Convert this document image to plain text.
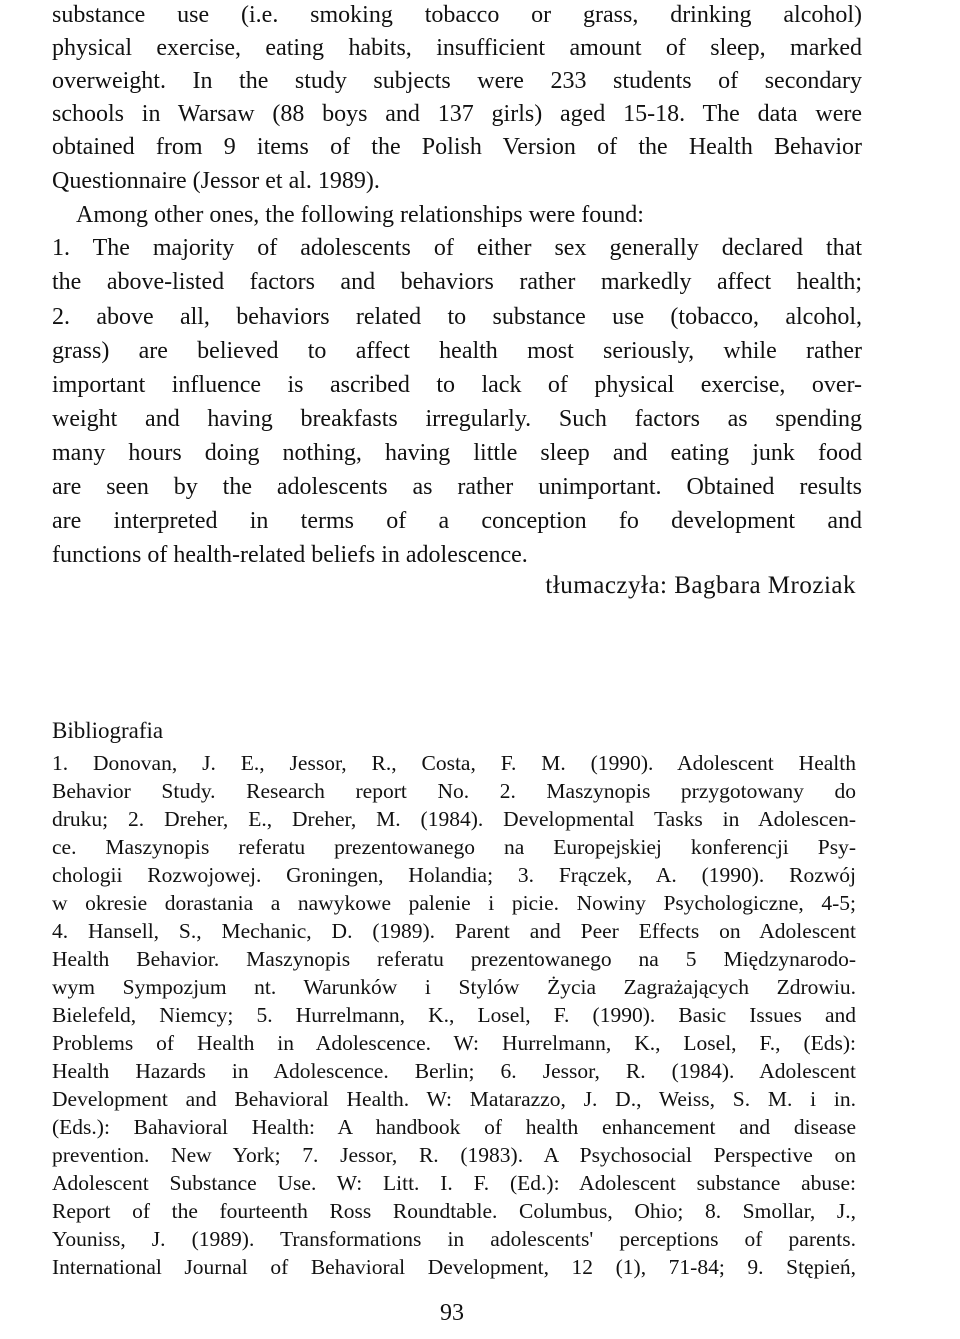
substance use (i.e. smoking tobacco or grass, drinking alcohol)
physical exercise, eating habits, insufficient amount of sleep, marked
overweight. In the study subjects were 233 students of secondary
schools in Warsaw (88 boys and 137 girls) aged 15-18. The data were
obtained from 9 items of the Polish Version of the Health Behavior
Questionnaire (Jessor et al. 1989).
Among other ones, the following relationships were found:
1. The majority of adolescents of either sex generally declared that
the above-listed factors and behaviors rather markedly affect health;
2. above all, behaviors related to substance use (tobacco, alcohol,
grass) are believed to affect health most seriously, while rather
important influence is ascribed to lack of physical exercise, over-
weight and having breakfasts irregularly. Such factors as spending
many hours doing nothing, having little sleep and eating junk food
are seen by the adolescents as rather unimportant. Obtained results
are interpreted in terms of a conception fo development and
functions of health-related beliefs in adolescence.
tłumaczyła: Bagbara Mroziak
Bibliografia
1. Donovan, J. E., Jessor, R., Costa, F. M. (1990). Adolescent Health
Behavior Study. Research report No. 2. Maszynopis przygotowany do
druku; 2. Dreher, E., Dreher, M. (1984). Developmental Tasks in Adolescen-
ce. Maszynopis referatu prezentowanego na Europejskiej konferencji Psy-
chologii Rozwojowej. Groningen, Holandia; 3. Frączek, A. (1990). Rozwój
w okresie dorastania a nawykowe palenie i picie. Nowiny Psychologiczne, 4-5;
4. Hansell, S., Mechanic, D. (1989). Parent and Peer Effects on Adolescent
Health Behavior. Maszynopis referatu prezentowanego na 5 Międzynarodo-
wym Sympozjum nt. Warunków i Stylów Życia Zagrażających Zdrowiu.
Bielefeld, Niemcy; 5. Hurrelmann, K., Losel, F. (1990). Basic Issues and
Problems of Health in Adolescence. W: Hurrelmann, K., Losel, F., (Eds):
Health Hazards in Adolescence. Berlin; 6. Jessor, R. (1984). Adolescent
Development and Behavioral Health. W: Matarazzo, J. D., Weiss, S. M. i in.
(Eds.): Bahavioral Health: A handbook of health enhancement and disease
prevention. New York; 7. Jessor, R. (1983). A Psychosocial Perspective on
Adolescent Substance Use. W: Litt. I. F. (Ed.): Adolescent substance abuse:
Report of the fourteenth Ross Roundtable. Columbus, Ohio; 8. Smollar, J.,
Youniss, J. (1989). Transformations in adolescents' perceptions of parents.
International Journal of Behavioral Development, 12 (1), 71-84; 9. Stępień,
93
